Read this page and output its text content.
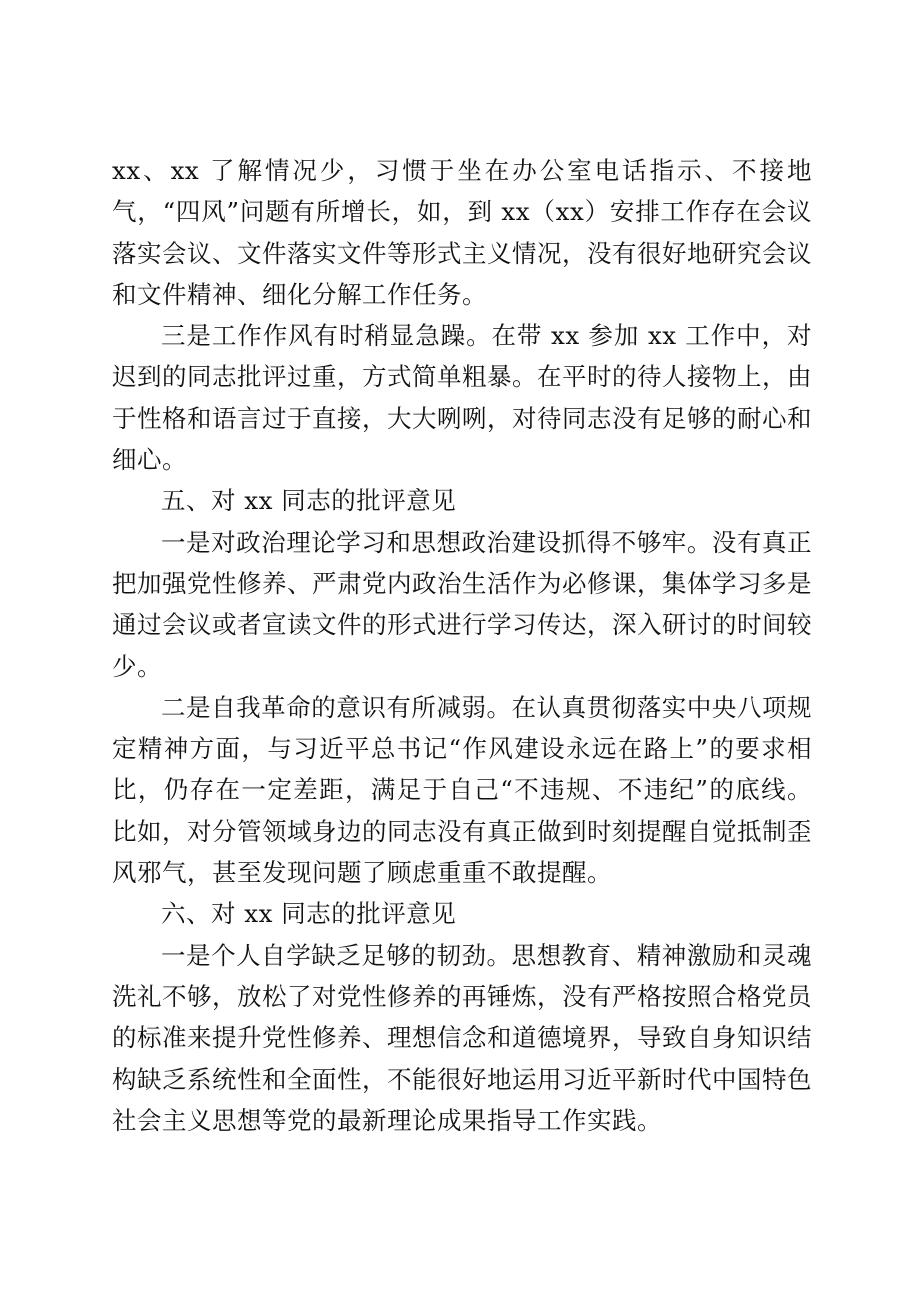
xx、xx 了解情况少，习惯于坐在办公室电话指示、不接地气，“四风”问题有所增长，如，到 xx（xx）安排工作存在会议落实会议、文件落实文件等形式主义情况，没有很好地研究会议和文件精神、细化分解工作任务。

三是工作作风有时稍显急躁。在带 xx 参加 xx 工作中，对迟到的同志批评过重，方式简单粗暴。在平时的待人接物上，由于性格和语言过于直接，大大咧咧，对待同志没有足够的耐心和细心。

五、对 xx 同志的批评意见

一是对政治理论学习和思想政治建设抓得不够牢。没有真正把加强党性修养、严肃党内政治生活作为必修课，集体学习多是通过会议或者宣读文件的形式进行学习传达，深入研讨的时间较少。

二是自我革命的意识有所减弱。在认真贯彻落实中央八项规定精神方面，与习近平总书记“作风建设永远在路上”的要求相比，仍存在一定差距，满足于自己“不违规、不违纪”的底线。比如，对分管领域身边的同志没有真正做到时刻提醒自觉抵制歪风邪气，甚至发现问题了顾虑重重不敢提醒。

六、对 xx 同志的批评意见

一是个人自学缺乏足够的韧劲。思想教育、精神激励和灵魂洗礼不够，放松了对党性修养的再锤炼，没有严格按照合格党员的标准来提升党性修养、理想信念和道德境界，导致自身知识结构缺乏系统性和全面性，不能很好地运用习近平新时代中国特色社会主义思想等党的最新理论成果指导工作实践。
